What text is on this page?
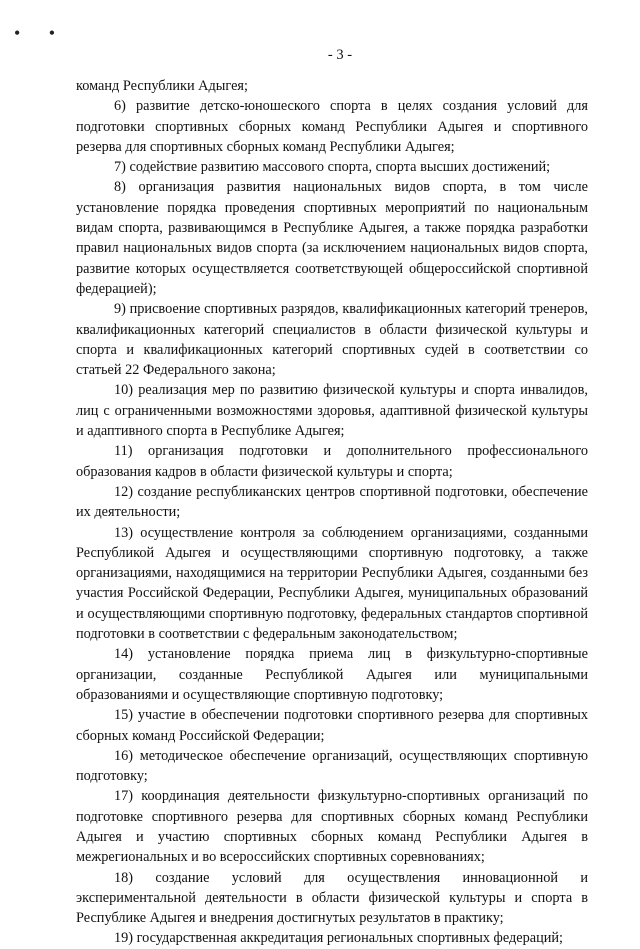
• •
- 3 -

команд Республики Адыгея;

6) развитие детско-юношеского спорта в целях создания условий для подготовки спортивных сборных команд Республики Адыгея и спортивного резерва для спортивных сборных команд Республики Адыгея;

7) содействие развитию массового спорта, спорта высших достижений;

8) организация развития национальных видов спорта, в том числе установление порядка проведения спортивных мероприятий по национальным видам спорта, развивающимся в Республике Адыгея, а также порядка разработки правил национальных видов спорта (за исключением национальных видов спорта, развитие которых осуществляется соответствующей общероссийской спортивной федерацией);

9) присвоение спортивных разрядов, квалификационных категорий тренеров, квалификационных категорий специалистов в области физической культуры и спорта и квалификационных категорий спортивных судей в соответствии со статьей 22 Федерального закона;

10) реализация мер по развитию физической культуры и спорта инвалидов, лиц с ограниченными возможностями здоровья, адаптивной физической культуры и адаптивного спорта в Республике Адыгея;

11) организация подготовки и дополнительного профессионального образования кадров в области физической культуры и спорта;

12) создание республиканских центров спортивной подготовки, обеспечение их деятельности;

13) осуществление контроля за соблюдением организациями, созданными Республикой Адыгея и осуществляющими спортивную подготовку, а также организациями, находящимися на территории Республики Адыгея, созданными без участия Российской Федерации, Республики Адыгея, муниципальных образований и осуществляющими спортивную подготовку, федеральных стандартов спортивной подготовки в соответствии с федеральным законодательством;

14) установление порядка приема лиц в физкультурно-спортивные организации, созданные Республикой Адыгея или муниципальными образованиями и осуществляющие спортивную подготовку;

15) участие в обеспечении подготовки спортивного резерва для спортивных сборных команд Российской Федерации;

16) методическое обеспечение организаций, осуществляющих спортивную подготовку;

17) координация деятельности физкультурно-спортивных организаций по подготовке спортивного резерва для спортивных сборных команд Республики Адыгея и участию спортивных сборных команд Республики Адыгея в межрегиональных и во всероссийских спортивных соревнованиях;

18) создание условий для осуществления инновационной и экспериментальной деятельности в области физической культуры и спорта в Республике Адыгея и внедрения достигнутых результатов в практику;

19) государственная аккредитация региональных спортивных федераций;
